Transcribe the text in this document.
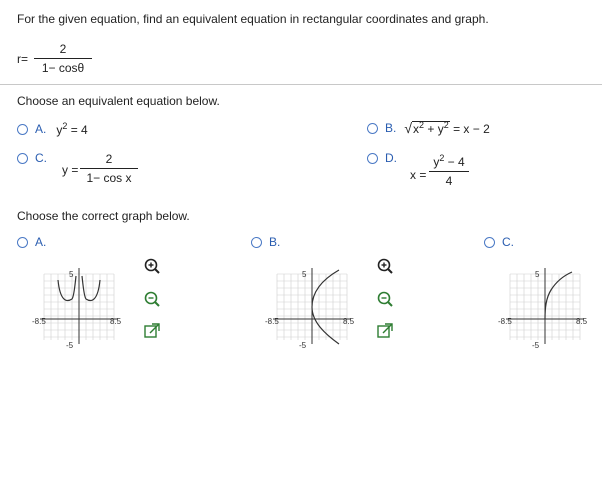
For the given equation, find an equivalent equation in rectangular coordinates and graph.
r=
2
1− cosθ
Choose an equivalent equation below.
A. $y^2 = 4$	B. $√x^2 + y^2 = x - 2$
C.
y =
2
1− cos x
D.
x =
$y^2 - 4$
4
Choose the correct graph below.
A.	B.	C.
5
-5
-8.5	8.5
5
-5
-8.5	8.5
5
-5
-8.5	8.5
